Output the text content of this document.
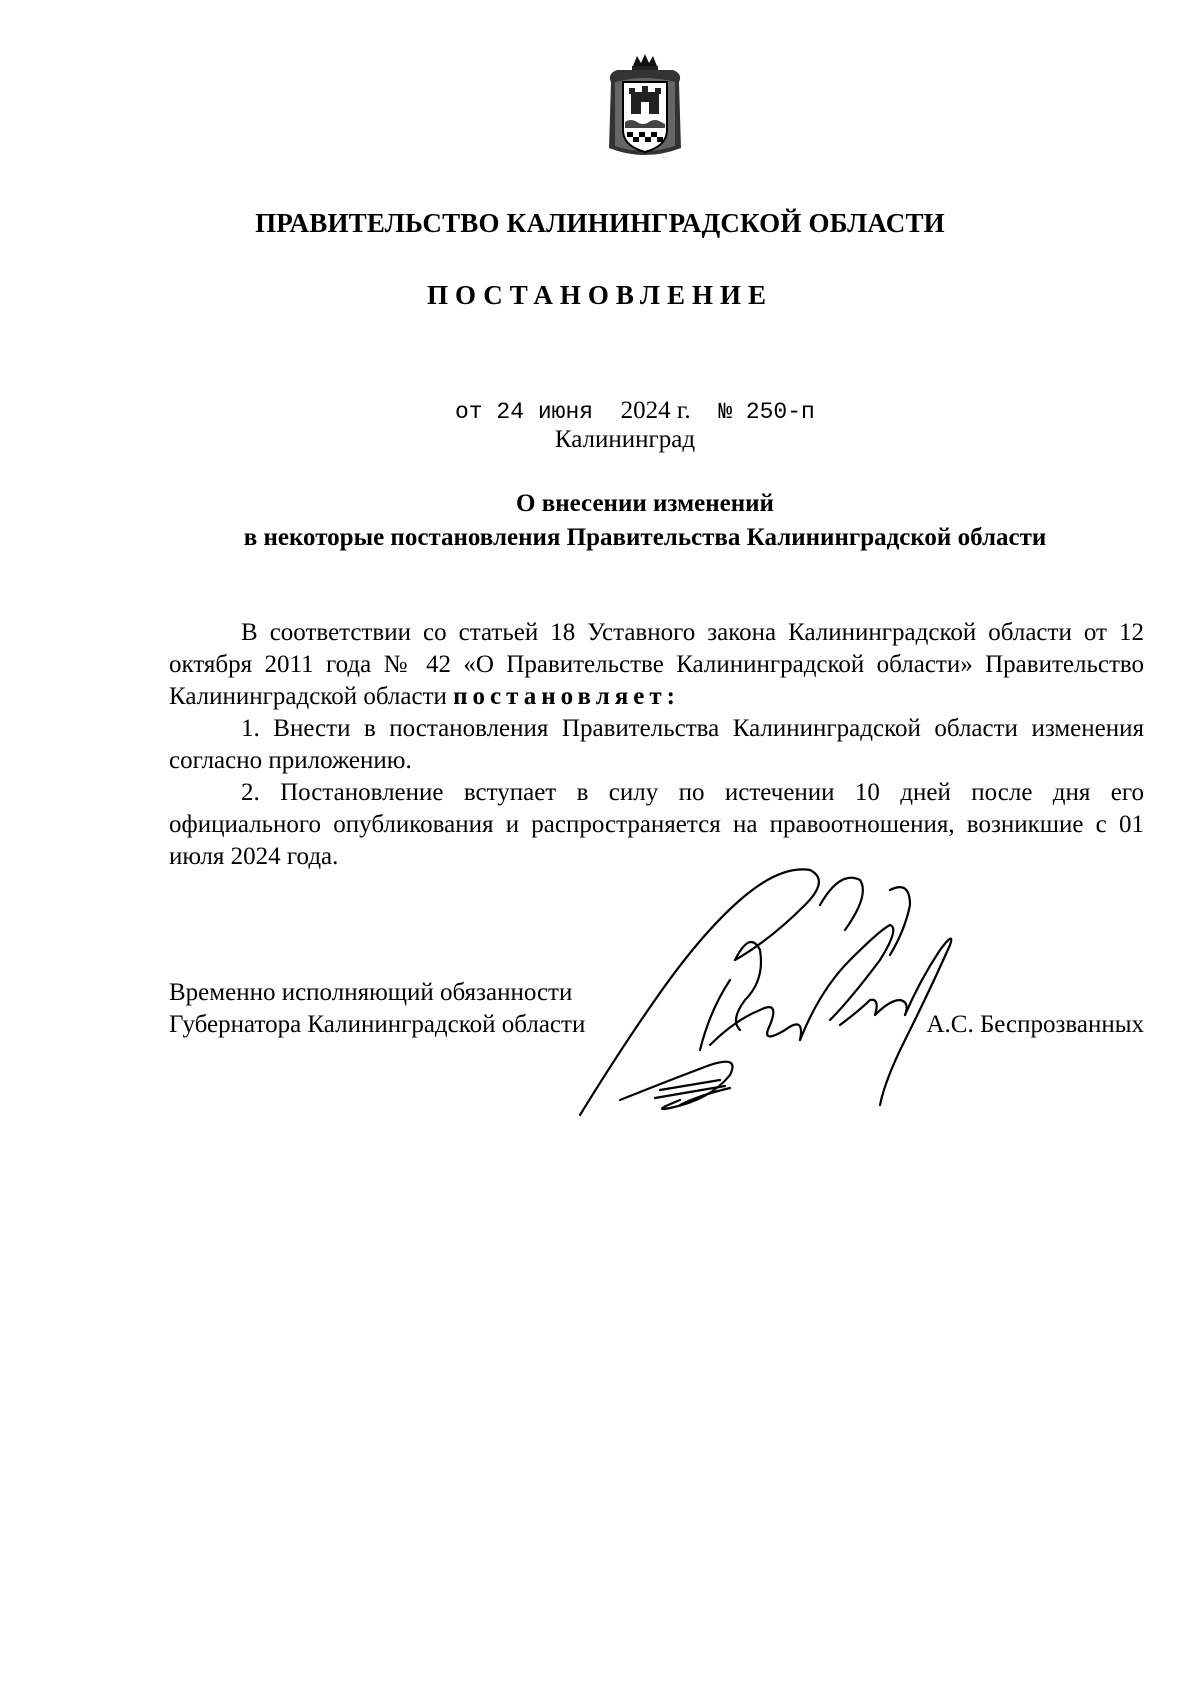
ПРАВИТЕЛЬСТВО КАЛИНИНГРАДСКОЙ ОБЛАСТИ
ПОСТАНОВЛЕНИЕ
от 24 июня 2024 г. № 250-п
Калининград
О внесении изменений
в некоторые постановления Правительства Калининградской области

В соответствии со статьей 18 Уставного закона Калининградской области от 12 октября 2011 года № 42 «О Правительстве Калининградской области» Правительство Калининградской области постановляет:

1. Внести в постановления Правительства Калининградской области изменения согласно приложению.

2. Постановление вступает в силу по истечении 10 дней после дня его официального опубликования и распространяется на правоотношения, возникшие с 01 июля 2024 года.

Временно исполняющий обязанности
Губернатора Калининградской области	А.С. Беспрозванных
